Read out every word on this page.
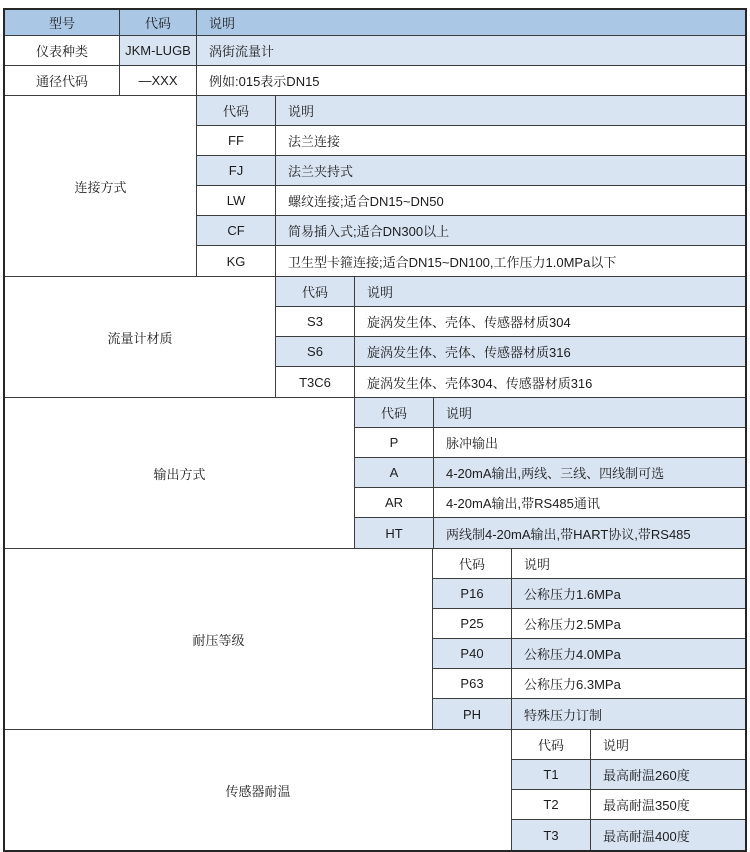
型号	代码	说明
仪表种类	JKM-LUGB	涡街流量计
通径代码	—XXX	例如:015表示DN15
连接方式
代码	说明
FF	法兰连接
FJ	法兰夹持式
LW	螺纹连接;适合DN15~DN50
CF	简易插入式;适合DN300以上
KG	卫生型卡箍连接;适合DN15~DN100,工作压力1.0MPa以下
流量计材质
代码	说明
S3	旋涡发生体、壳体、传感器材质304
S6	旋涡发生体、壳体、传感器材质316
T3C6	旋涡发生体、壳体304、传感器材质316
输出方式
代码	说明
P	脉冲输出
A	4-20mA输出,两线、三线、四线制可选
AR	4-20mA输出,带RS485通讯
HT	两线制4-20mA输出,带HART协议,带RS485
耐压等级
代码	说明
P16	公称压力1.6MPa
P25	公称压力2.5MPa
P40	公称压力4.0MPa
P63	公称压力6.3MPa
PH	特殊压力订制
传感器耐温
代码	说明
T1	最高耐温260度
T2	最高耐温350度
T3	最高耐温400度
